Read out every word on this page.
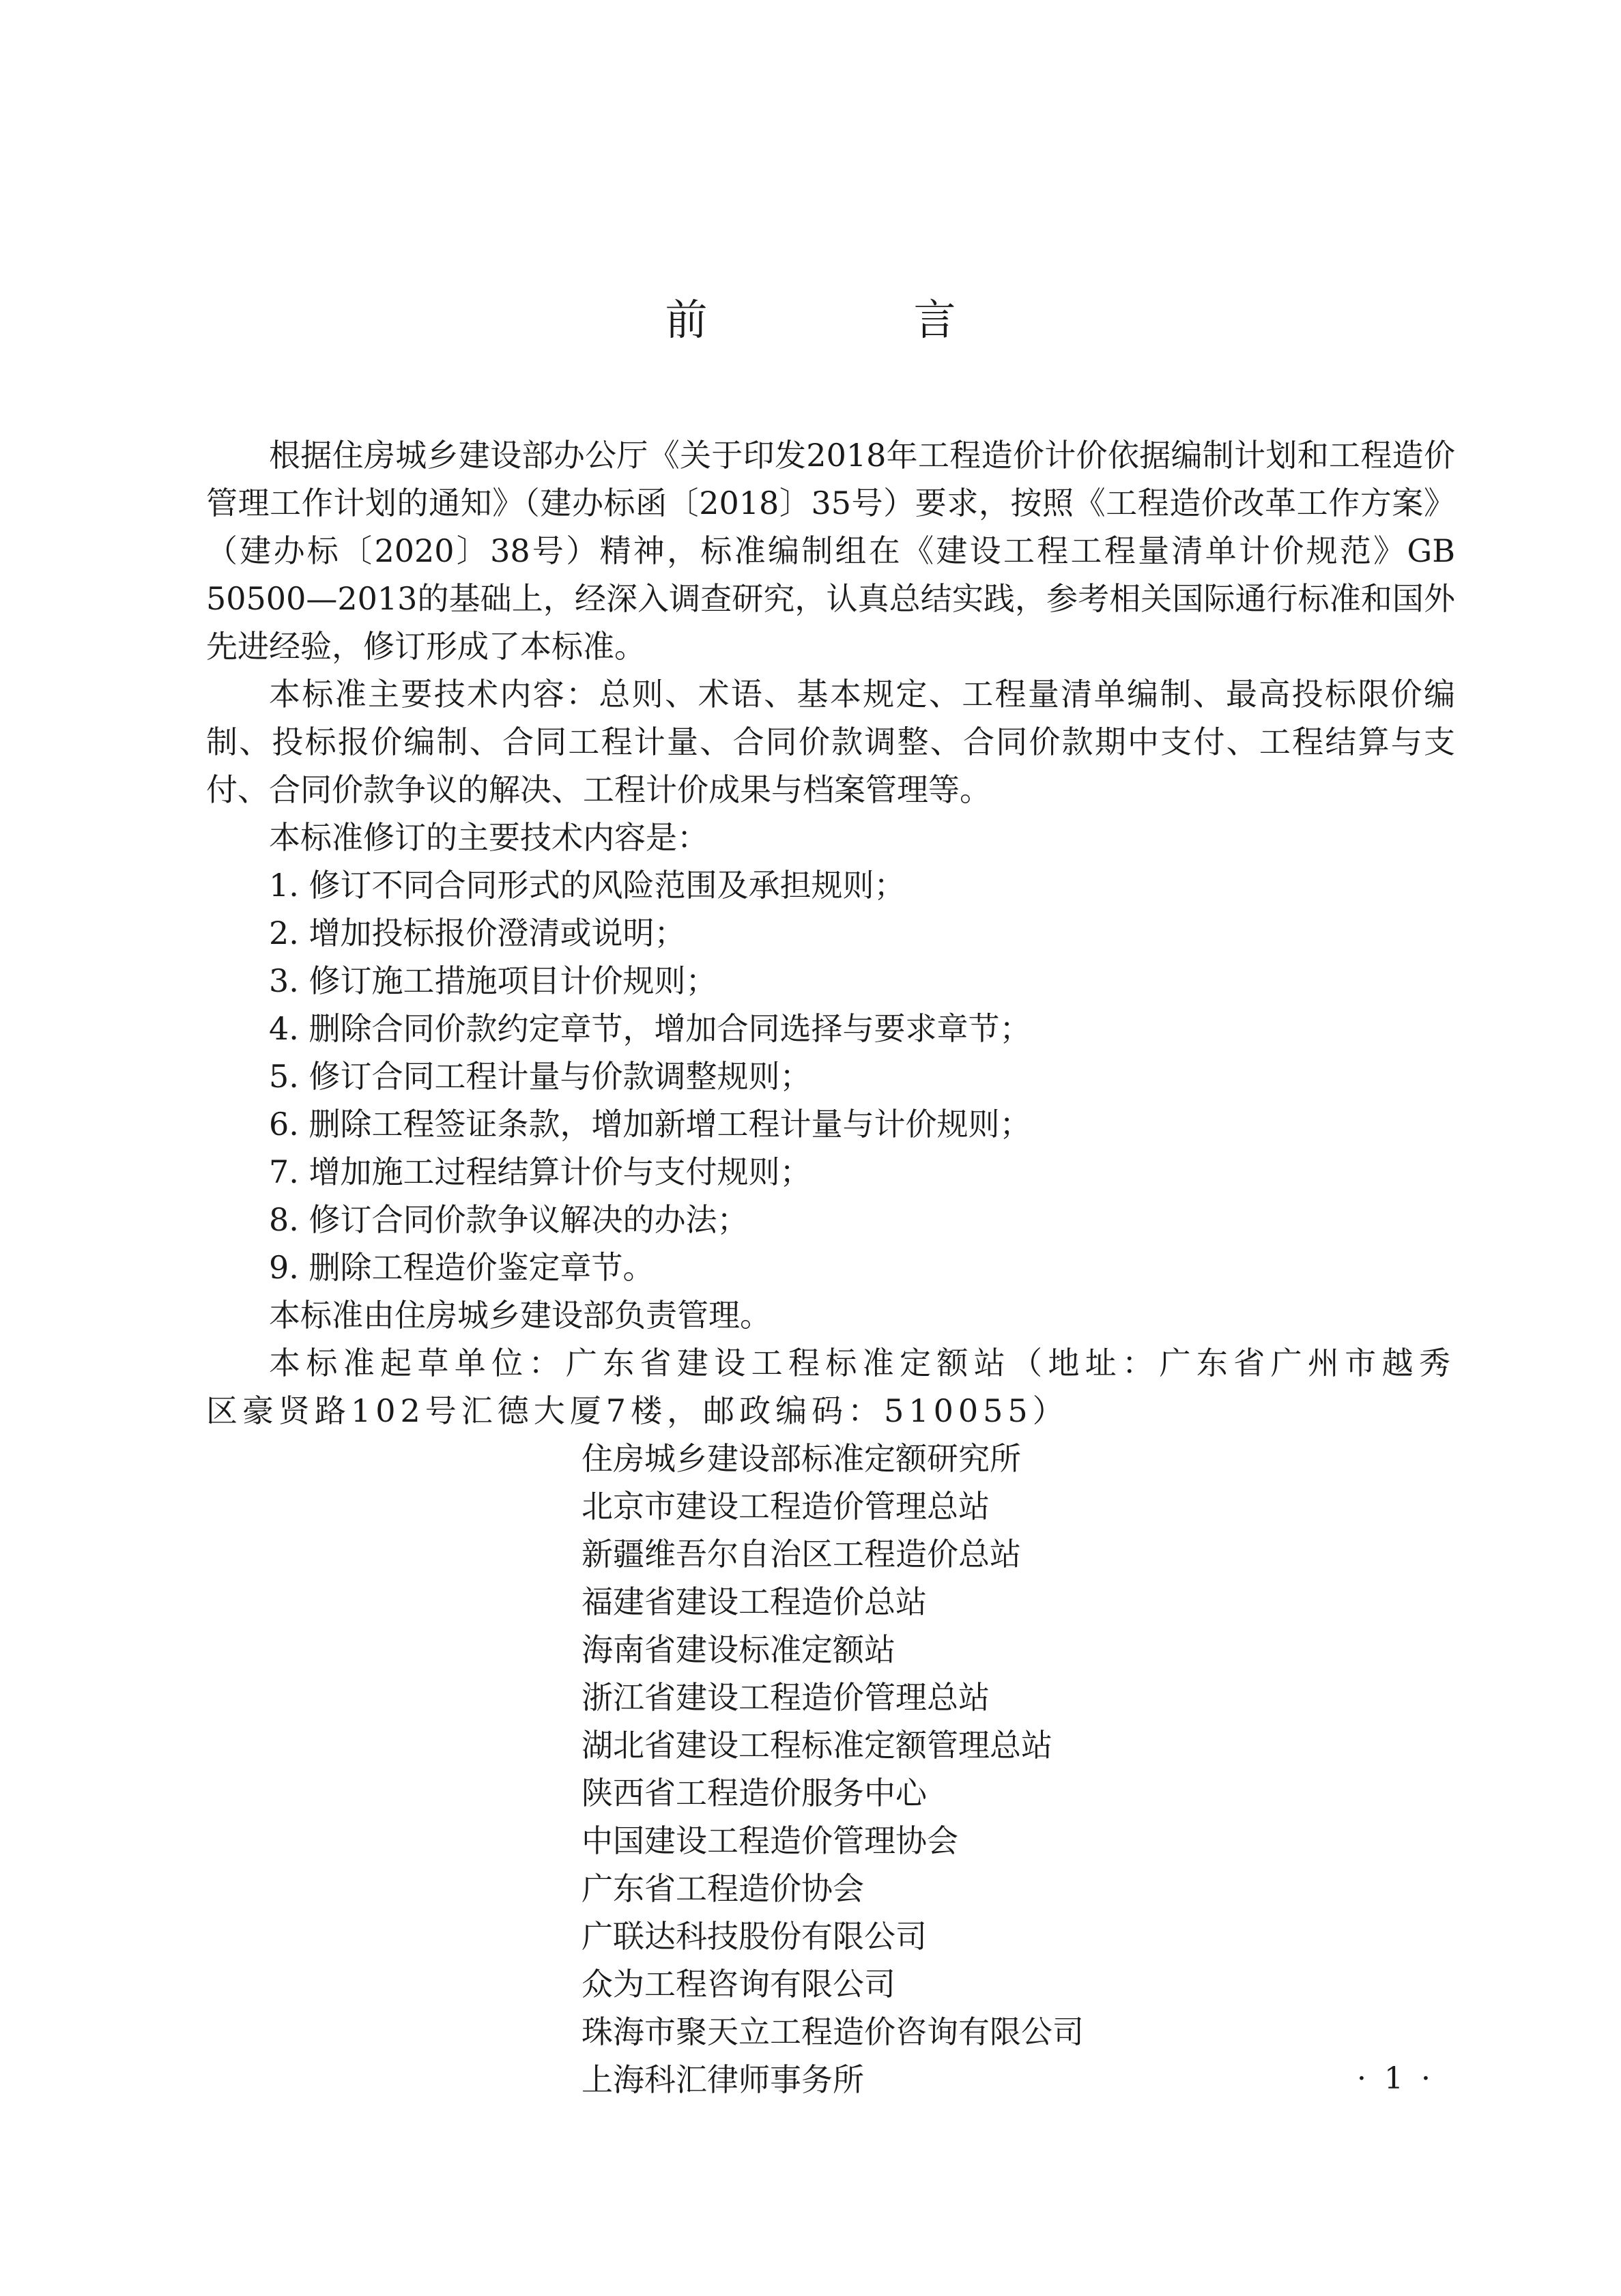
前　言

根据住房城乡建设部办公厅《关于印发2018年工程造价计价依据编制计划和工程造价管理工作计划的通知》（建办标函〔2018〕35号）要求，按照《工程造价改革工作方案》（建办标〔2020〕38号）精神，标准编制组在《建设工程工程量清单计价规范》GB 50500—2013的基础上，经深入调查研究，认真总结实践，参考相关国际通行标准和国外先进经验，修订形成了本标准。

本标准主要技术内容：总则、术语、基本规定、工程量清单编制、最高投标限价编制、投标报价编制、合同工程计量、合同价款调整、合同价款期中支付、工程结算与支付、合同价款争议的解决、工程计价成果与档案管理等。

本标准修订的主要技术内容是：

1. 修订不同合同形式的风险范围及承担规则；

2. 增加投标报价澄清或说明；

3. 修订施工措施项目计价规则；

4. 删除合同价款约定章节，增加合同选择与要求章节；

5. 修订合同工程计量与价款调整规则；

6. 删除工程签证条款，增加新增工程计量与计价规则；

7. 增加施工过程结算计价与支付规则；

8. 修订合同价款争议解决的办法；

9. 删除工程造价鉴定章节。

本标准由住房城乡建设部负责管理。

本标准起草单位：广东省建设工程标准定额站（地址：广东省广州市越秀区豪贤路102号汇德大厦7楼，邮政编码：510055）

住房城乡建设部标准定额研究所

北京市建设工程造价管理总站

新疆维吾尔自治区工程造价总站

福建省建设工程造价总站

海南省建设标准定额站

浙江省建设工程造价管理总站

湖北省建设工程标准定额管理总站

陕西省工程造价服务中心

中国建设工程造价管理协会

广东省工程造价协会

广联达科技股份有限公司

众为工程咨询有限公司

珠海市聚天立工程造价咨询有限公司

上海科汇律师事务所	· 1 ·
